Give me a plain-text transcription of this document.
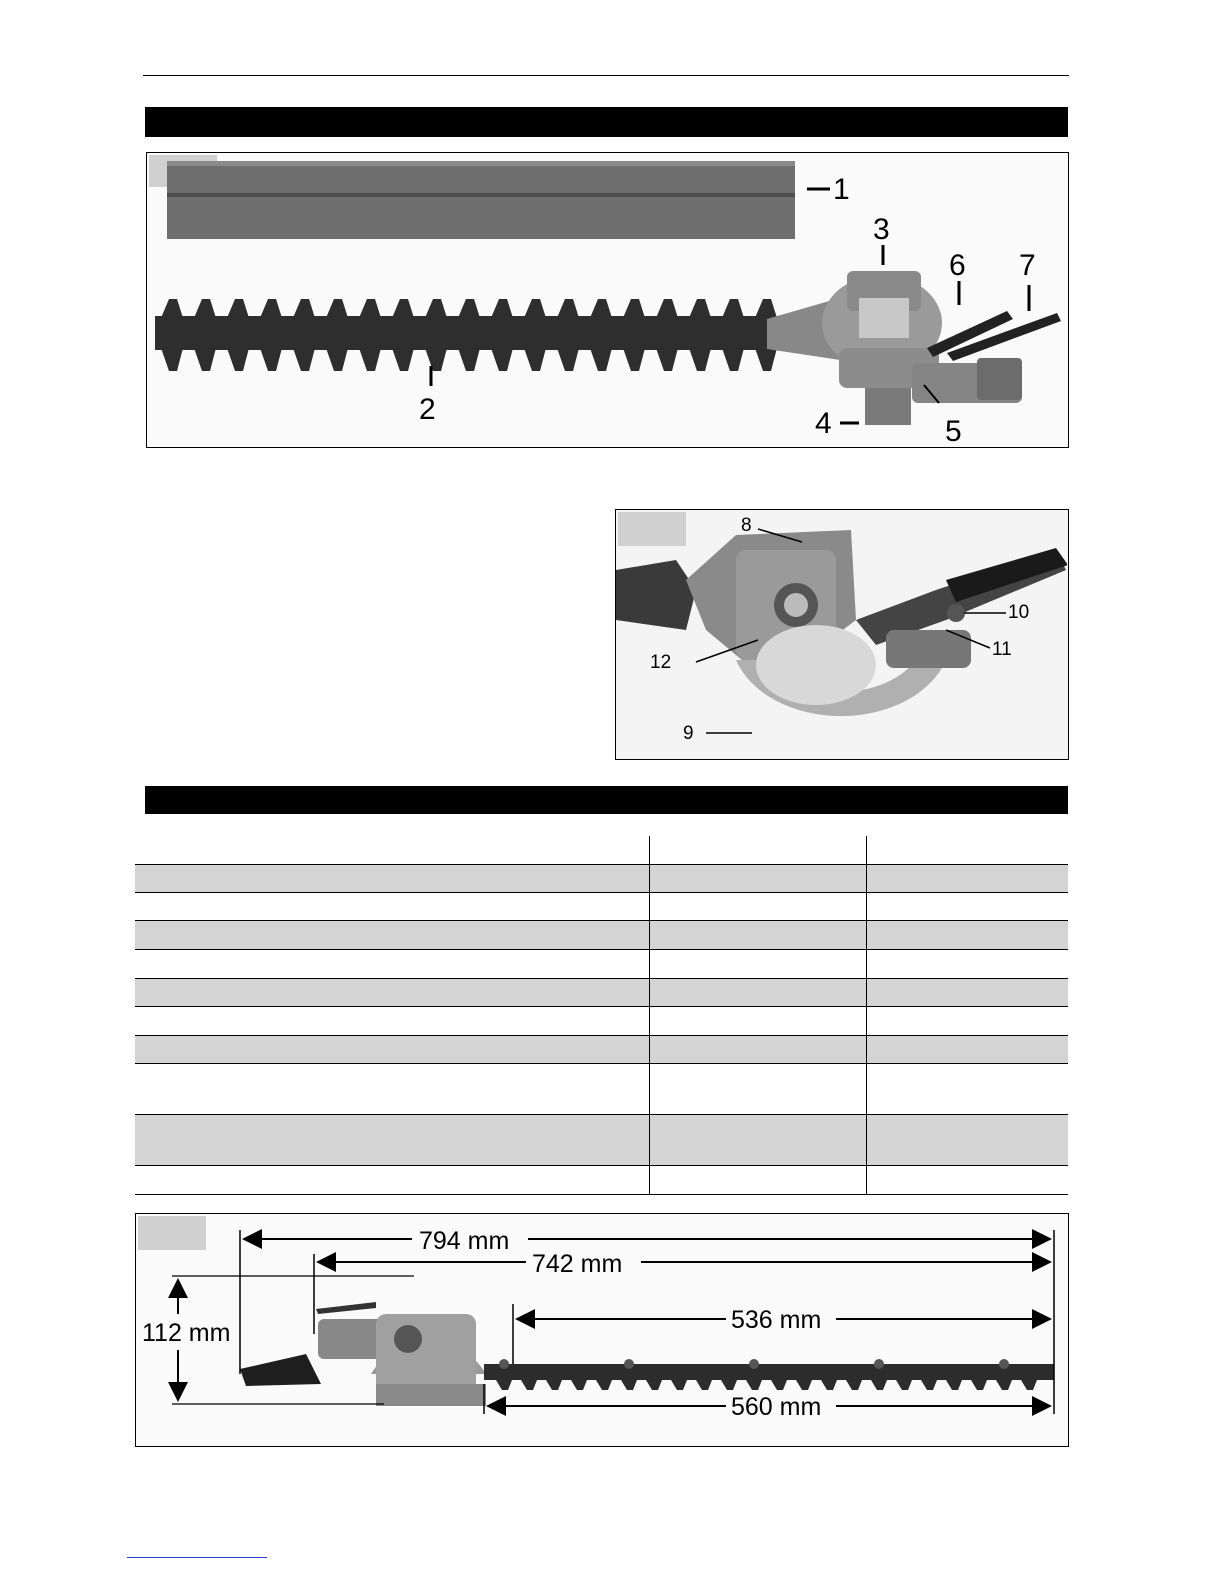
1
2
3
4	5
6 7
8
9
10
11
12
794 mm
742 mm
536 mm
560 mm
112 mm
